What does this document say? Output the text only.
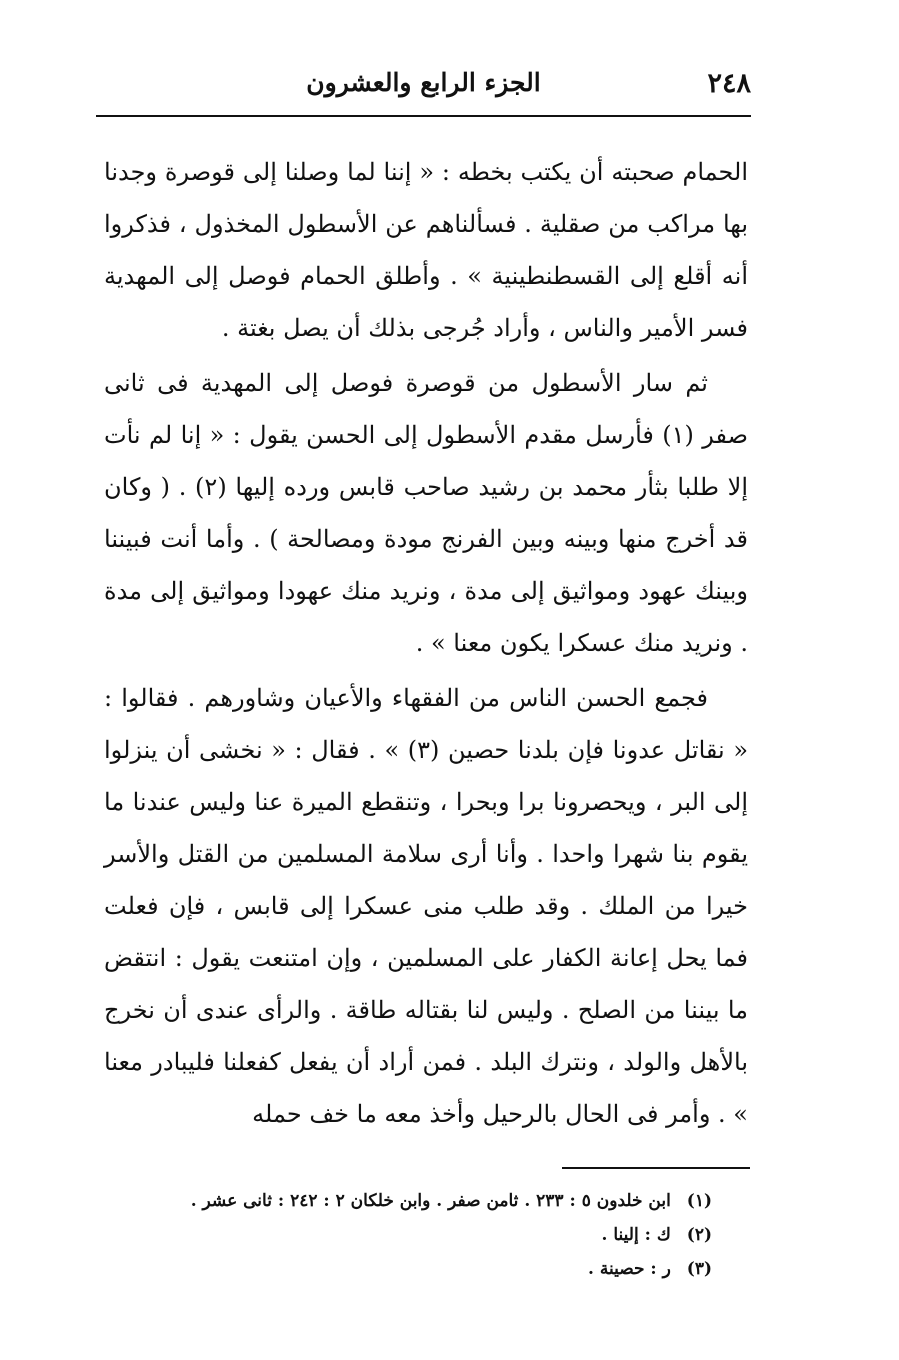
٢٤٨
الجزء الرابع والعشرون

الحمام صحبته أن يكتب بخطه : « إننا لما وصلنا إلى قوصرة وجدنا بها مراكب من صقلية . فسألناهم عن الأسطول المخذول ، فذكروا أنه أقلع إلى القسطنطينية » . وأطلق الحمام فوصل إلى المهدية فسر الأمير والناس ، وأراد جُرجى بذلك أن يصل بغتة .

ثم سار الأسطول من قوصرة فوصل إلى المهدية فى ثانى صفر (١) فأرسل مقدم الأسطول إلى الحسن يقول : « إنا لم نأت إلا طلبا بثأر محمد بن رشيد صاحب قابس ورده إليها (٢) . ( وكان قد أخرج منها وبينه وبين الفرنج مودة ومصالحة ) . وأما أنت فبيننا وبينك عهود ومواثيق إلى مدة ، ونريد منك عهودا ومواثيق إلى مدة . ونريد منك عسكرا يكون معنا » .

فجمع الحسن الناس من الفقهاء والأعيان وشاورهم . فقالوا : « نقاتل عدونا فإن بلدنا حصين (٣) » . فقال : « نخشى أن ينزلوا إلى البر ، ويحصرونا برا وبحرا ، وتنقطع الميرة عنا وليس عندنا ما يقوم بنا شهرا واحدا . وأنا أرى سلامة المسلمين من القتل والأسر خيرا من الملك . وقد طلب منى عسكرا إلى قابس ، فإن فعلت فما يحل إعانة الكفار على المسلمين ، وإن امتنعت يقول : انتقض ما بيننا من الصلح . وليس لنا بقتاله طاقة . والرأى عندى أن نخرج بالأهل والولد ، ونترك البلد . فمن أراد أن يفعل كفعلنا فليبادر معنا » . وأمر فى الحال بالرحيل وأخذ معه ما خف حمله

(١) ابن خلدون ٥ : ٢٣٣ . ثامن صفر . وابن خلكان ٢ : ٢٤٢ : ثانى عشر .
(٢) ك : إلينا .
(٣) ر : حصينة .
